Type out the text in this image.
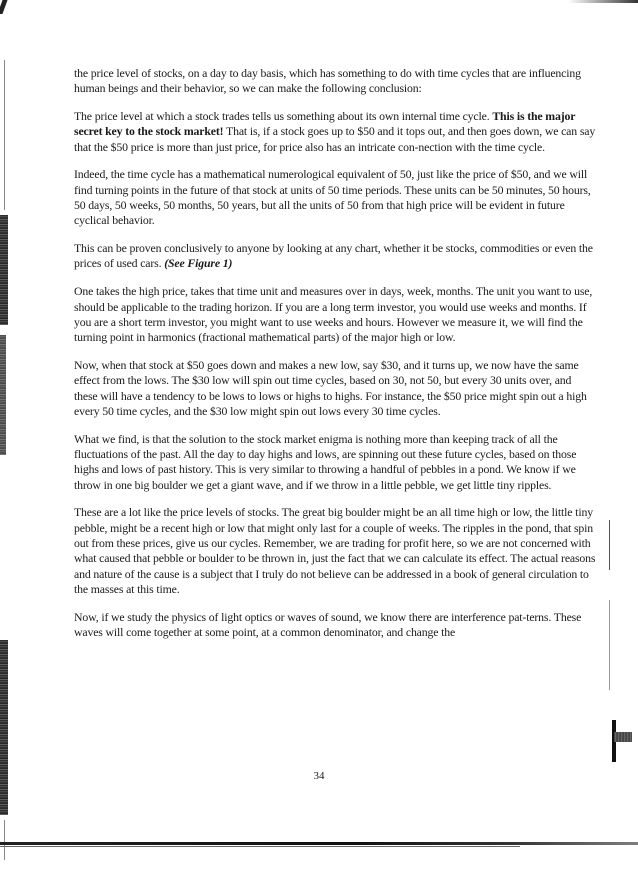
the price level of stocks, on a day to day basis, which has something to do with time cycles that are influencing human beings and their behavior, so we can make the following conclusion:

The price level at which a stock trades tells us something about its own internal time cycle. This is the major secret key to the stock market! That is, if a stock goes up to $50 and it tops out, and then goes down, we can say that the $50 price is more than just price, for price also has an intricate con-nection with the time cycle.

Indeed, the time cycle has a mathematical numerological equivalent of 50, just like the price of $50, and we will find turning points in the future of that stock at units of 50 time periods. These units can be 50 minutes, 50 hours, 50 days, 50 weeks, 50 months, 50 years, but all the units of 50 from that high price will be evident in future cyclical behavior.

This can be proven conclusively to anyone by looking at any chart, whether it be stocks, commodities or even the prices of used cars. (See Figure 1)

One takes the high price, takes that time unit and measures over in days, week, months. The unit you want to use, should be applicable to the trading horizon. If you are a long term investor, you would use weeks and months. If you are a short term investor, you might want to use weeks and hours. However we measure it, we will find the turning point in harmonics (fractional mathematical parts) of the major high or low.

Now, when that stock at $50 goes down and makes a new low, say $30, and it turns up, we now have the same effect from the lows. The $30 low will spin out time cycles, based on 30, not 50, but every 30 units over, and these will have a tendency to be lows to lows or highs to highs. For instance, the $50 price might spin out a high every 50 time cycles, and the $30 low might spin out lows every 30 time cycles.

What we find, is that the solution to the stock market enigma is nothing more than keeping track of all the fluctuations of the past. All the day to day highs and lows, are spinning out these future cycles, based on those highs and lows of past history. This is very similar to throwing a handful of pebbles in a pond. We know if we throw in one big boulder we get a giant wave, and if we throw in a little pebble, we get little tiny ripples.

These are a lot like the price levels of stocks. The great big boulder might be an all time high or low, the little tiny pebble, might be a recent high or low that might only last for a couple of weeks. The ripples in the pond, that spin out from these prices, give us our cycles. Remember, we are trading for profit here, so we are not concerned with what caused that pebble or boulder to be thrown in, just the fact that we can calculate its effect. The actual reasons and nature of the cause is a subject that I truly do not believe can be addressed in a book of general circulation to the masses at this time.

Now, if we study the physics of light optics or waves of sound, we know there are interference pat-terns. These waves will come together at some point, at a common denominator, and change the

34
